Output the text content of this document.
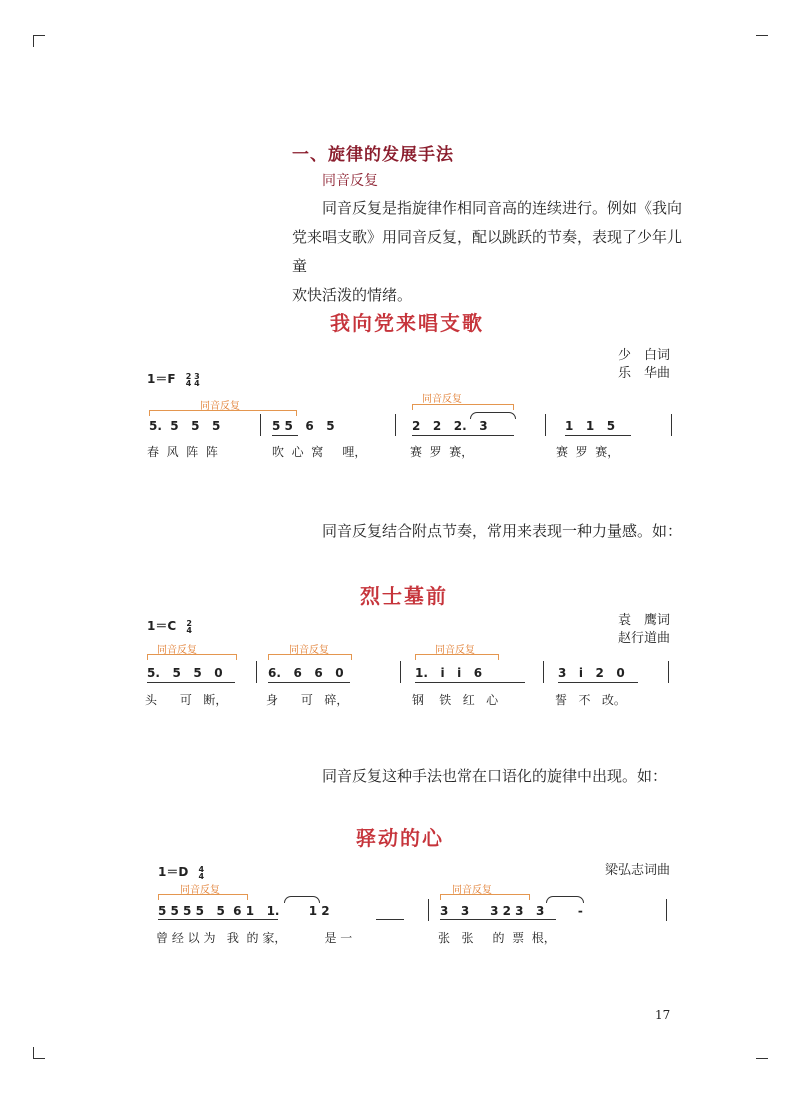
一、旋律的发展手法
同音反复
同音反复是指旋律作相同音高的连续进行。例如《我向
党来唱支歌》用同音反复，配以跳跃的节奏，表现了少年儿童
欢快活泼的情绪。
我向党来唱支歌
1＝F 2 3
4 4
少　白词
乐　华曲
同音反复
同音反复
5.  5   5   5	5 5   6   5	2   2   2.   3	1   1   5
春  风  阵  阵	吹  心  窝     哩，	赛  罗  赛，	赛  罗  赛，
同音反复结合附点节奏，常用来表现一种力量感。如：
烈士墓前
1＝C 2
4
袁　鹰词
赵行道曲
同音反复	同音反复	同音反复
5.   5   5   0	6.   6   6   0	1.   i   i   6	3   i   2   0
头      可   断，	身      可   碎，	钢    铁   红   心	誓   不   改。
同音反复这种手法也常在口语化的旋律中出现。如：
驿动的心
1＝D 4
4	梁弘志词曲
同音反复	同音反复
5 5 5 5   5  6 1   1.       1 2	3   3     3 2 3   3        -
曾 经 以 为   我  的 家，          是 一	张   张     的  票  根，
17
